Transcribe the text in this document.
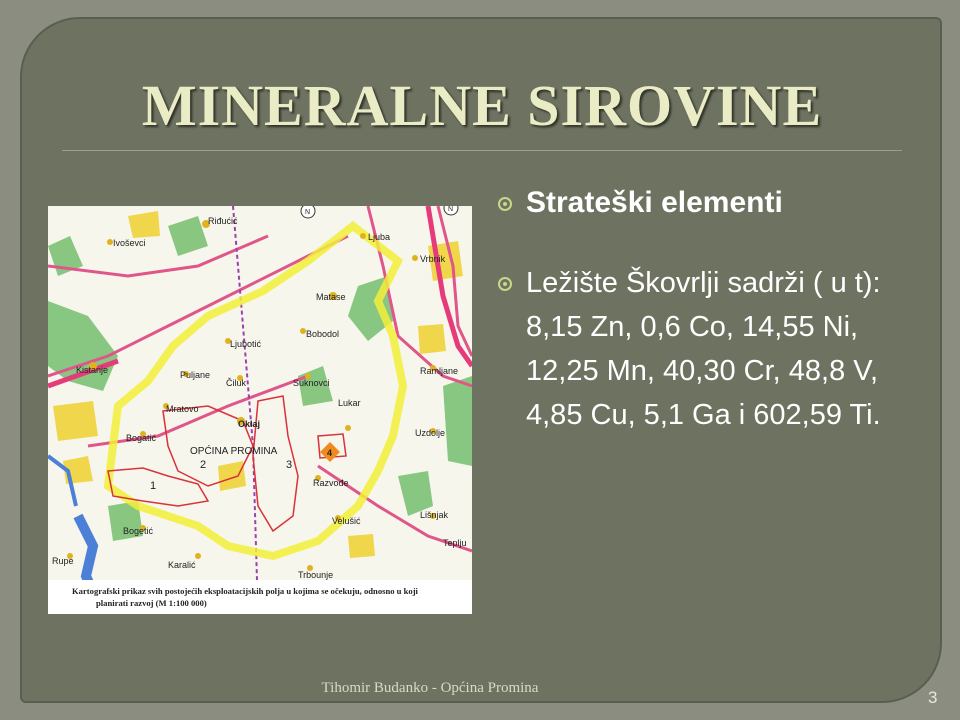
MINERALNE SIROVINE
Riđućić
Ivoševci
Ljuba
Vrbnik
Matase
Bobodol
Ljubotić
Kistanje	Puljane
Čiluk	Suknovci
Ramljane
Mratovo
Lukar
Oklaj
Bogatić
OPĆINA PROMINA
Uzdolje
Razvođe
Bogetić
Velušić
Lišnjak
Teplju
Rupe	Karalić
Trbounje
1
2	3
4
N	N
Kartografski prikaz svih postojećih eksploatacijskih polja u kojima se očekuju, odnosno u koji
planirati razvoj (M 1:100 000)
Strateški elementi
Ležište Škovrlji sadrži ( u t): 8,15 Zn, 0,6 Co, 14,55 Ni, 12,25 Mn, 40,30 Cr, 48,8 V, 4,85 Cu, 5,1 Ga i 602,59 Ti.
Tihomir Budanko - Općina Promina	3
